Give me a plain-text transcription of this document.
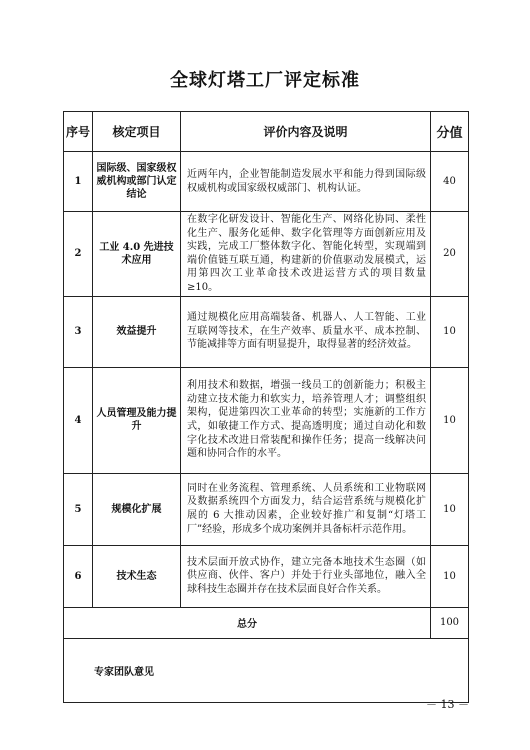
全球灯塔工厂评定标准
序号	核定项目	评价内容及说明	分值
1	国际级、国家级权威机构或部门认定结论	近两年内，企业智能制造发展水平和能力得到国际级权威机构或国家级权威部门、机构认证。	40
2	工业 4.0 先进技术应用	在数字化研发设计、智能化生产、网络化协同、柔性化生产、服务化延伸、数字化管理等方面创新应用及实践，完成工厂整体数字化、智能化转型，实现端到端价值链互联互通，构建新的价值驱动发展模式，运用第四次工业革命技术改进运营方式的项目数量≥10。	20
3	效益提升	通过规模化应用高端装备、机器人、人工智能、工业互联网等技术，在生产效率、质量水平、成本控制、节能减排等方面有明显提升，取得显著的经济效益。	10
4	人员管理及能力提升	利用技术和数据，增强一线员工的创新能力；积极主动建立技术能力和软实力，培养管理人才；调整组织架构，促进第四次工业革命的转型；实施新的工作方式，如敏捷工作方式、提高透明度；通过自动化和数字化技术改进日常装配和操作任务；提高一线解决问题和协同合作的水平。	10
5	规模化扩展	同时在业务流程、管理系统、人员系统和工业物联网及数据系统四个方面发力，结合运营系统与规模化扩展的 6 大推动因素，企业较好推广和复制“灯塔工厂”经验，形成多个成功案例并具备标杆示范作用。	10
6	技术生态	技术层面开放式协作，建立完备本地技术生态圈（如供应商、伙伴、客户）并处于行业头部地位，融入全球科技生态圈并存在技术层面良好合作关系。	10
总分			100
专家团队意见			
－ 13 －
